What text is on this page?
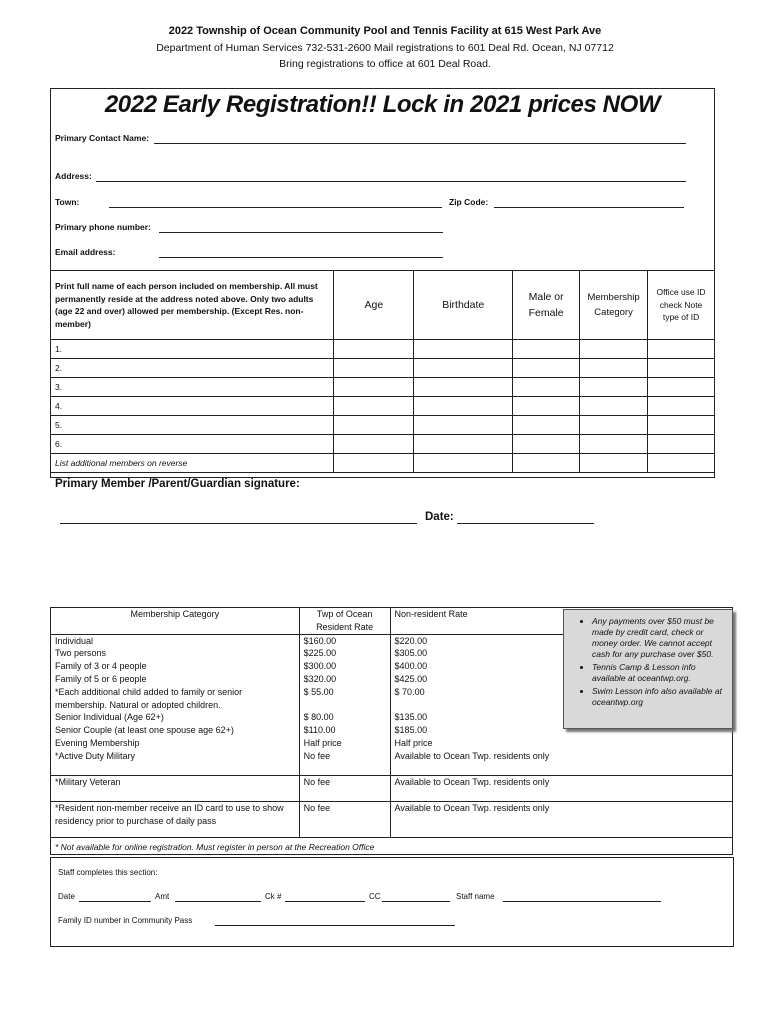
2022 Township of Ocean Community Pool and Tennis Facility at 615 West Park Ave
Department of Human Services 732-531-2600 Mail registrations to 601 Deal Rd. Ocean, NJ 07712
Bring registrations to office at 601 Deal Road.
2022 Early Registration!! Lock in 2021 prices NOW
Primary Contact Name:
Address:
Town:	Zip Code:
Primary phone number:
Email address:
Print full name of each person included on membership. All must permanently reside at the address noted above. Only two adults (age 22 and over) allowed per membership. (Except Res. non-member)	Age	Birthdate	Male or Female	Membership Category	Office use ID check Note type of ID
1.					
2.					
3.					
4.					
5.					
6.					
List additional members on reverse					
Primary Member /Parent/Guardian signature:
Date:
Membership Category	Twp of Ocean Resident Rate	Non-resident Rate
Individual	$160.00	$220.00
Two persons	$225.00	$305.00
Family of 3 or 4 people	$300.00	$400.00
Family of 5 or 6 people	$320.00	$425.00
*Each additional child added to family or senior membership. Natural or adopted children.	$ 55.00	$ 70.00
Senior Individual (Age 62+)	$ 80.00	$135.00
Senior Couple (at least one spouse age 62+)	$110.00	$185.00
Evening Membership	Half price	Half price
*Active Duty Military	No fee	Available to Ocean Twp. residents only
*Military Veteran	No fee	Available to Ocean Twp. residents only
*Resident non-member receive an ID card to use to show residency prior to purchase of daily pass	No fee	Available to Ocean Twp. residents only
* Not available for online registration. Must register in person at the Recreation Office		
• Any payments over $50 must be made by credit card, check or money order. We cannot accept cash for any purchase over $50.
• Tennis Camp & Lesson info available at oceantwp.org.
• Swim Lesson info also available at oceantwp.org
Staff completes this section:
Date	Amt	Ck #	CC	Staff name
Family ID number in Community Pass
